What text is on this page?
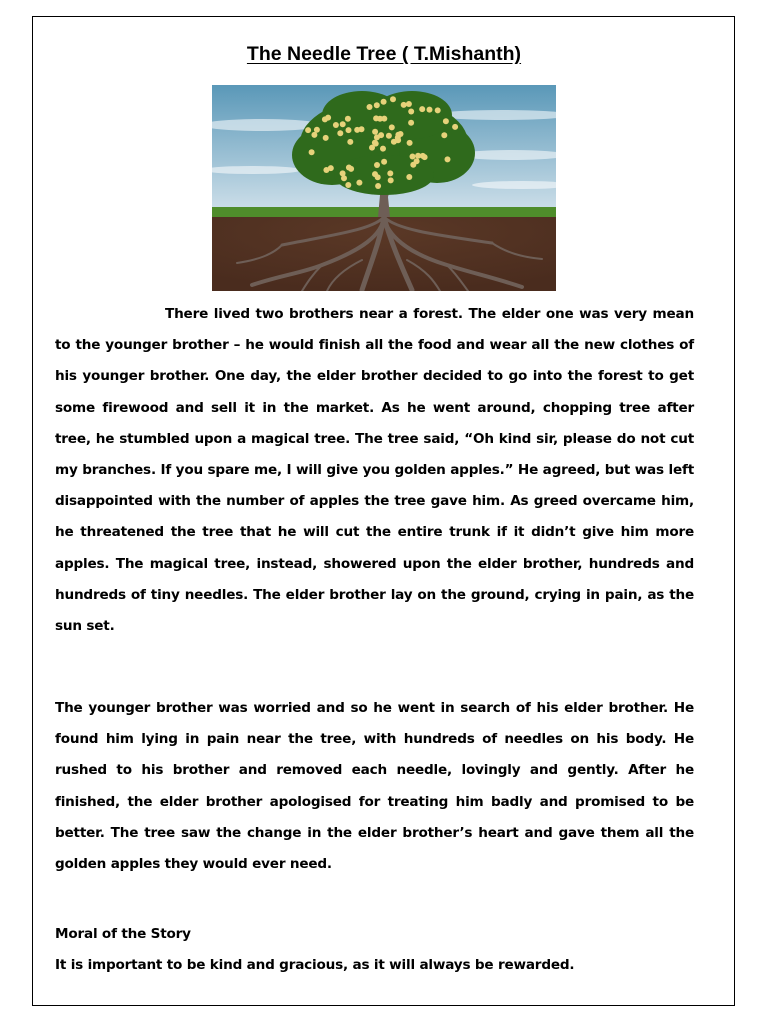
The Needle Tree ( T.Mishanth)

There lived two brothers near a forest. The elder one was very mean to the younger brother – he would finish all the food and wear all the new clothes of his younger brother. One day, the elder brother decided to go into the forest to get some firewood and sell it in the market. As he went around, chopping tree after tree, he stumbled upon a magical tree. The tree said, “Oh kind sir, please do not cut my branches. If you spare me, I will give you golden apples.” He agreed, but was left disappointed with the number of apples the tree gave him. As greed overcame him, he threatened the tree that he will cut the entire trunk if it didn’t give him more apples. The magical tree, instead, showered upon the elder brother, hundreds and hundreds of tiny needles. The elder brother lay on the ground, crying in pain, as the sun set.

The younger brother was worried and so he went in search of his elder brother. He found him lying in pain near the tree, with hundreds of needles on his body. He rushed to his brother and removed each needle, lovingly and gently. After he finished, the elder brother apologised for treating him badly and promised to be better. The tree saw the change in the elder brother’s heart and gave them all the golden apples they would ever need.

Moral of the Story

It is important to be kind and gracious, as it will always be rewarded.
